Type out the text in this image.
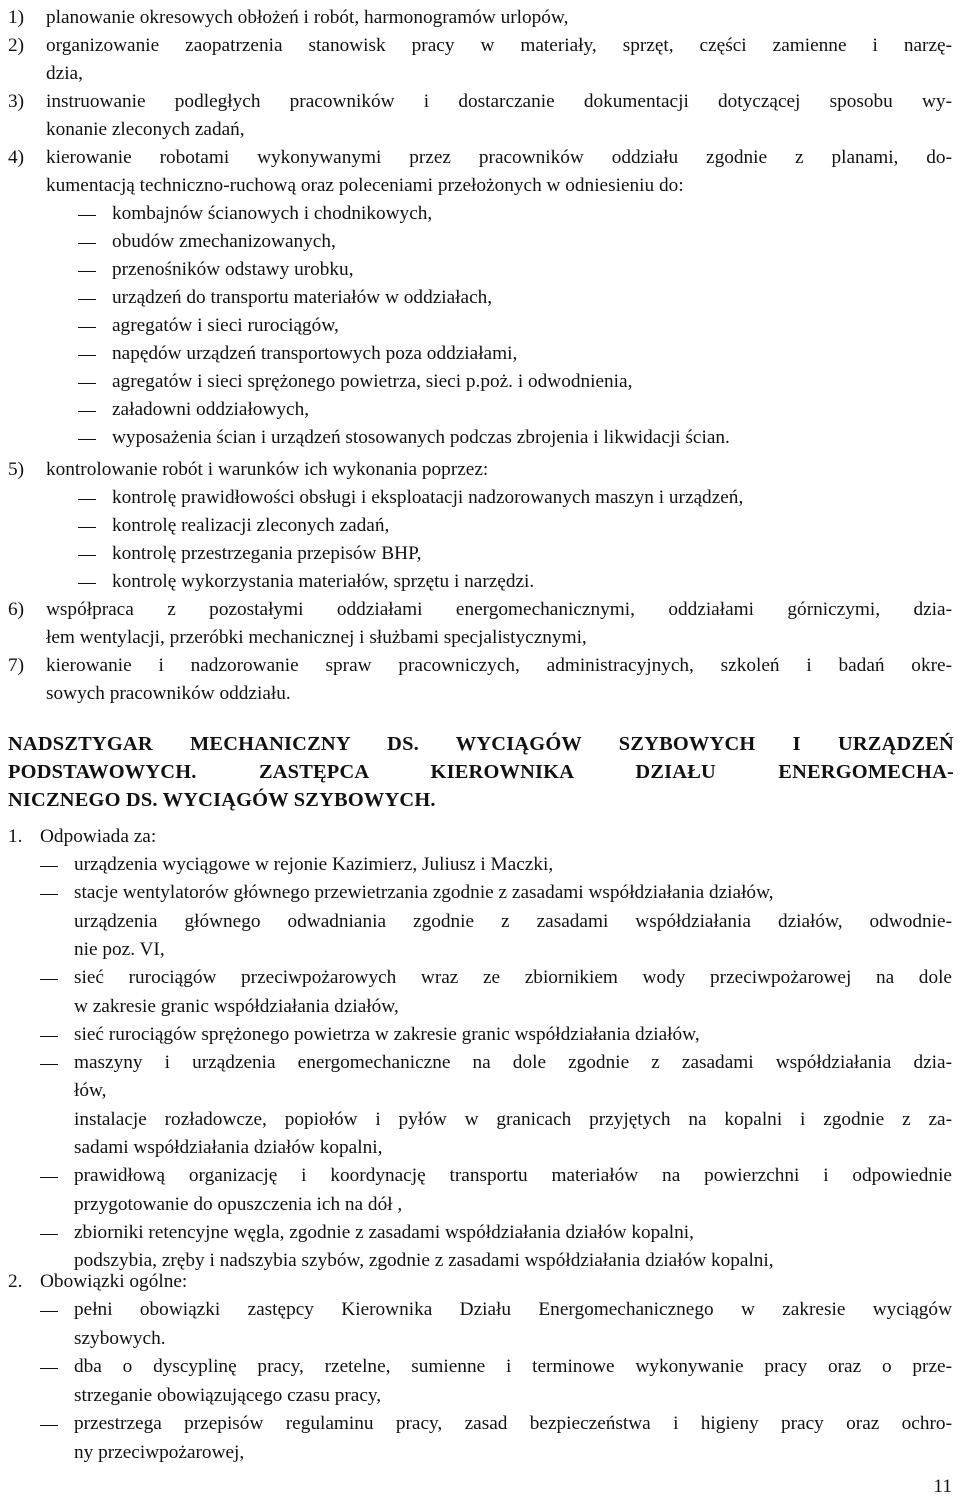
1)	planowanie okresowych obłożeń i robót, harmonogramów urlopów,
2)	organizowanie zaopatrzenia stanowisk pracy w materiały, sprzęt, części zamienne i narzę-
dzia,
3)	instruowanie podległych pracowników i dostarczanie dokumentacji dotyczącej sposobu wy-
konanie zleconych zadań,
4)	kierowanie robotami wykonywanymi przez pracowników oddziału zgodnie z planami, do-
kumentacją techniczno-ruchową oraz poleceniami przełożonych w odniesieniu do:
kombajnów ścianowych i chodnikowych,
obudów zmechanizowanych,
przenośników odstawy urobku,
urządzeń do transportu materiałów w oddziałach,
agregatów i sieci rurociągów,
napędów urządzeń transportowych poza oddziałami,
agregatów i sieci sprężonego powietrza, sieci p.poż. i odwodnienia,
załadowni oddziałowych,
wyposażenia ścian i urządzeń stosowanych podczas zbrojenia i likwidacji ścian.
5)	kontrolowanie robót i warunków ich wykonania poprzez:
kontrolę prawidłowości obsługi i eksploatacji nadzorowanych maszyn i urządzeń,
kontrolę realizacji zleconych zadań,
kontrolę przestrzegania przepisów BHP,
kontrolę wykorzystania materiałów, sprzętu i narzędzi.
6)	współpraca z pozostałymi oddziałami energomechanicznymi, oddziałami górniczymi, dzia-
łem wentylacji, przeróbki mechanicznej i służbami specjalistycznymi,
7)	kierowanie i nadzorowanie spraw pracowniczych, administracyjnych, szkoleń i badań okre-
sowych pracowników oddziału.
NADSZTYGAR MECHANICZNY DS. WYCIĄGÓW SZYBOWYCH I URZĄDZEŃ
PODSTAWOWYCH. ZASTĘPCA KIEROWNIKA DZIAŁU ENERGOMECHA-
NICZNEGO DS. WYCIĄGÓW SZYBOWYCH.
1. Odpowiada za:
urządzenia wyciągowe w rejonie Kazimierz, Juliusz i Maczki,
stacje wentylatorów głównego przewietrzania zgodnie z zasadami współdziałania działów,
urządzenia głównego odwadniania zgodnie z zasadami współdziałania działów, odwodnie-
nie poz. VI,
sieć rurociągów przeciwpożarowych wraz ze zbiornikiem wody przeciwpożarowej na dole
w zakresie granic współdziałania działów,
sieć rurociągów sprężonego powietrza w zakresie granic współdziałania działów,
maszyny i urządzenia energomechaniczne na dole zgodnie z zasadami współdziałania dzia-
łów,
instalacje rozładowcze, popiołów i pyłów w granicach przyjętych na kopalni i zgodnie z za-
sadami współdziałania działów kopalni,
prawidłową organizację i koordynację transportu materiałów na powierzchni i odpowiednie
przygotowanie do opuszczenia ich na dół ,
zbiorniki retencyjne węgla, zgodnie z zasadami współdziałania działów kopalni,
podszybia, zręby i nadszybia szybów, zgodnie z zasadami współdziałania działów kopalni,
2. Obowiązki ogólne:
pełni obowiązki zastępcy Kierownika Działu Energomechanicznego w zakresie wyciągów
szybowych.
dba o dyscyplinę pracy, rzetelne, sumienne i terminowe wykonywanie pracy oraz o prze-
strzeganie obowiązującego czasu pracy,
przestrzega przepisów regulaminu pracy, zasad bezpieczeństwa i higieny pracy oraz ochro-
ny przeciwpożarowej,
11
